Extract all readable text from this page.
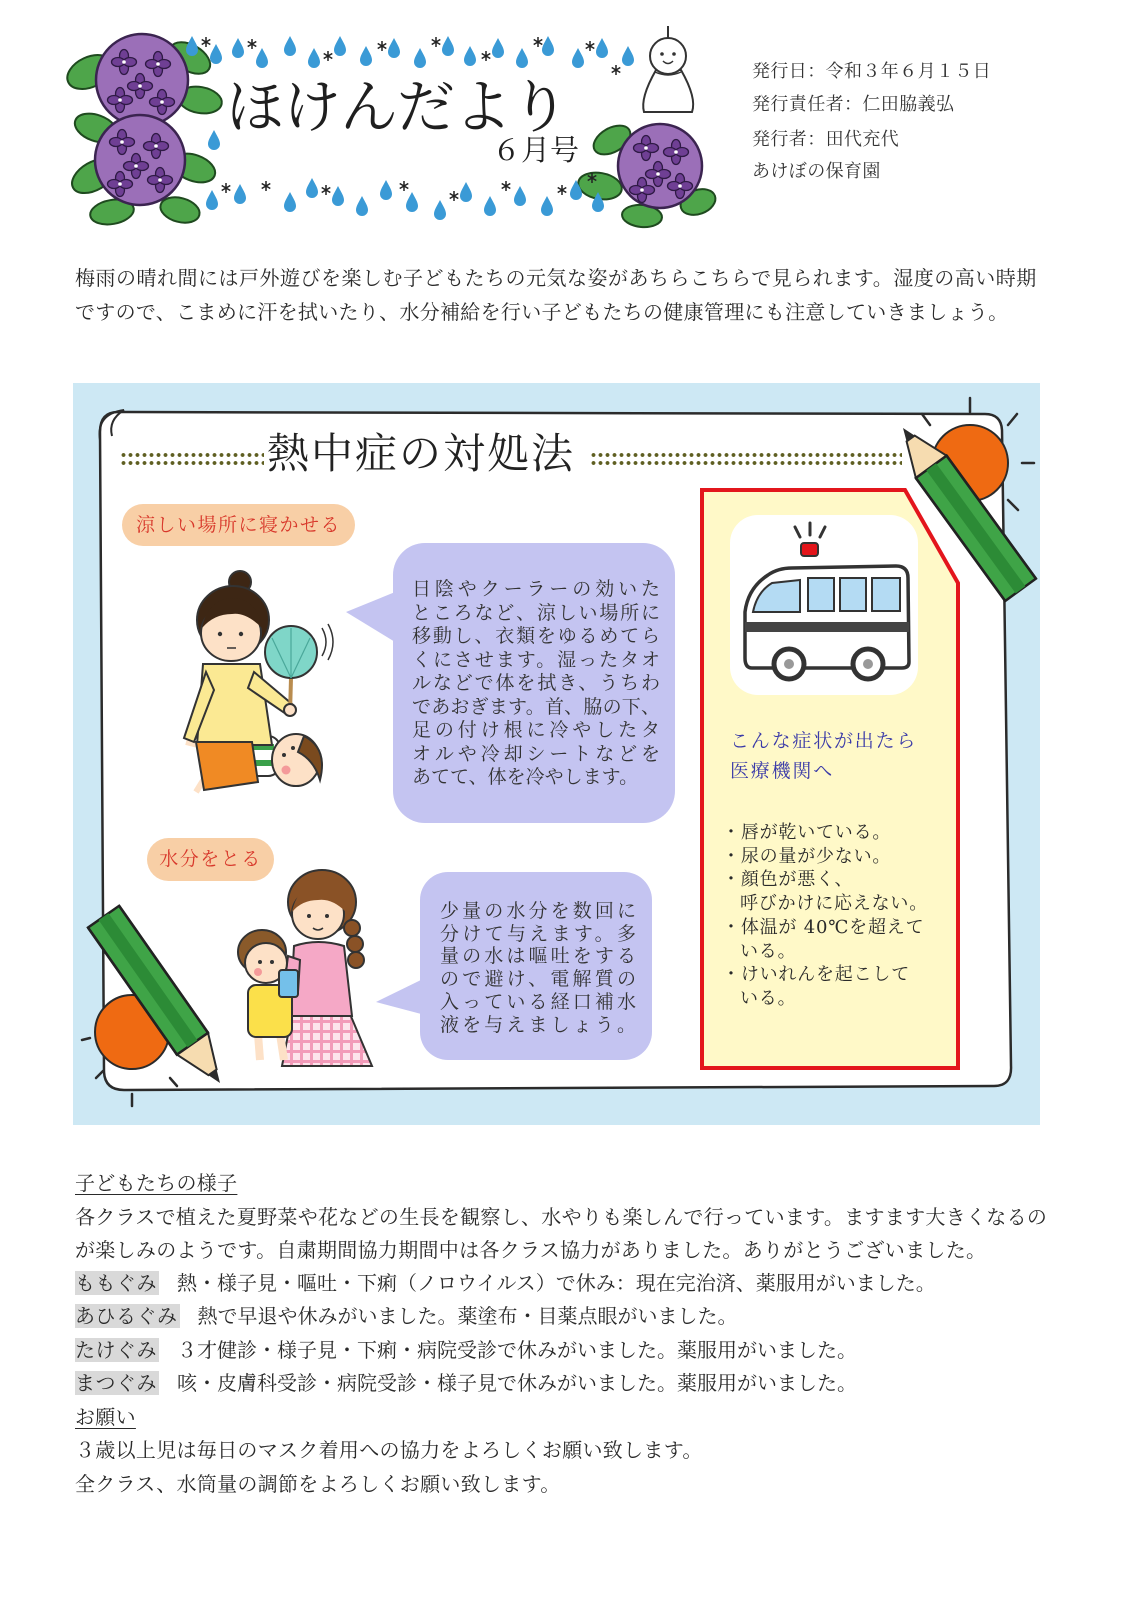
ほけんだより
６月号
発行日：令和３年６月１５日
発行責任者：仁田脇義弘
発行者：田代充代
あけぼの保育園
梅雨の晴れ間には戸外遊びを楽しむ子どもたちの元気な姿があちらこちらで見られます。湿度の高い時期
ですので、こまめに汗を拭いたり、水分補給を行い子どもたちの健康管理にも注意していきましょう。
熱中症の対処法
涼しい場所に寝かせる
日陰やクーラーの効いた
ところなど、涼しい場所に
移動し、衣類をゆるめてら
くにさせます。湿ったタオ
ルなどで体を拭き、うちわ
であおぎます。首、脇の下、
足の付け根に冷やしたタ
オルや冷却シートなどを
あてて、体を冷やします。
水分をとる
少量の水分を数回に
分けて与えます。多
量の水は嘔吐をする
ので避け、電解質の
入っている経口補水
液を与えましょう。
こんな症状が出たら
医療機関へ
・唇が乾いている。
・尿の量が少ない。
・顔色が悪く、
呼びかけに応えない。
・体温が 40℃を超えて
いる。
・けいれんを起こして
いる。
子どもたちの様子
各クラスで植えた夏野菜や花などの生長を観察し、水やりも楽しんで行っています。ますます大きくなるの
が楽しみのようです。自粛期間協力期間中は各クラス協力がありました。ありがとうございました。
ももぐみ 熱・様子見・嘔吐・下痢（ノロウイルス）で休み：現在完治済、薬服用がいました。
あひるぐみ 熱で早退や休みがいました。薬塗布・目薬点眼がいました。
たけぐみ ３才健診・様子見・下痢・病院受診で休みがいました。薬服用がいました。
まつぐみ 咳・皮膚科受診・病院受診・様子見で休みがいました。薬服用がいました。
お願い
３歳以上児は毎日のマスク着用への協力をよろしくお願い致します。
全クラス、水筒量の調節をよろしくお願い致します。
